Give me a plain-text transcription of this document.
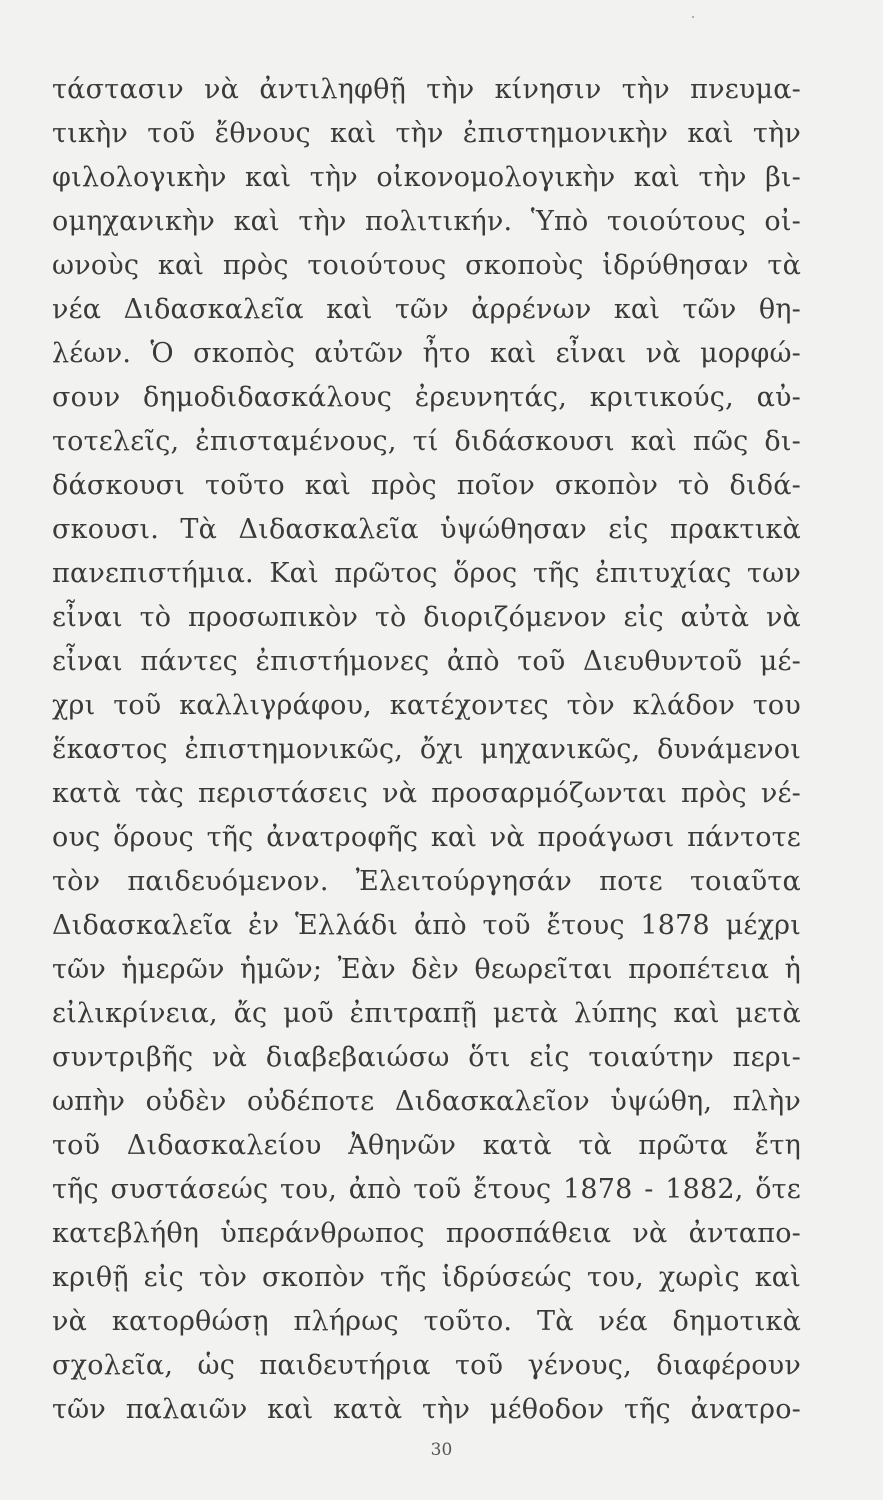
τάστασιν νὰ ἀντιληφθῇ τὴν κίνησιν τὴν πνευμα-
τικὴν τοῦ ἔθνους καὶ τὴν ἐπιστημονικὴν καὶ τὴν
φιλολογικὴν καὶ τὴν οἰκονομολογικὴν καὶ τὴν βι-
ομηχανικὴν καὶ τὴν πολιτικήν. Ὑπὸ τοιούτους οἰ-
ωνοὺς καὶ πρὸς τοιούτους σκοποὺς ἱδρύθησαν τὰ
νέα Διδασκαλεῖα καὶ τῶν ἀρρένων καὶ τῶν θη-
λέων. Ὁ σκοπὸς αὐτῶν ἦτο καὶ εἶναι νὰ μορφώ-
σουν δημοδιδασκάλους ἐρευνητάς, κριτικούς, αὐ-
τοτελεῖς, ἐπισταμένους, τί διδάσκουσι καὶ πῶς δι-
δάσκουσι τοῦτο καὶ πρὸς ποῖον σκοπὸν τὸ διδά-
σκουσι. Τὰ Διδασκαλεῖα ὑψώθησαν εἰς πρακτικὰ
πανεπιστήμια. Καὶ πρῶτος ὅρος τῆς ἐπιτυχίας των
εἶναι τὸ προσωπικὸν τὸ διοριζόμενον εἰς αὐτὰ νὰ
εἶναι πάντες ἐπιστήμονες ἀπὸ τοῦ Διευθυντοῦ μέ-
χρι τοῦ καλλιγράφου, κατέχοντες τὸν κλάδον του
ἕκαστος ἐπιστημονικῶς, ὄχι μηχανικῶς, δυνάμενοι
κατὰ τὰς περιστάσεις νὰ προσαρμόζωνται πρὸς νέ-
ους ὅρους τῆς ἀνατροφῆς καὶ νὰ προάγωσι πάντοτε
τὸν παιδευόμενον. Ἐλειτούργησάν ποτε τοιαῦτα
Διδασκαλεῖα ἐν Ἑλλάδι ἀπὸ τοῦ ἔτους 1878 μέχρι
τῶν ἡμερῶν ἡμῶν; Ἐὰν δὲν θεωρεῖται προπέτεια ἡ
εἰλικρίνεια, ἄς μοῦ ἐπιτραπῇ μετὰ λύπης καὶ μετὰ
συντριβῆς νὰ διαβεβαιώσω ὅτι εἰς τοιαύτην περι-
ωπὴν οὐδὲν οὐδέποτε Διδασκαλεῖον ὑψώθη, πλὴν
τοῦ Διδασκαλείου Ἀθηνῶν κατὰ τὰ πρῶτα ἔτη
τῆς συστάσεώς του, ἀπὸ τοῦ ἔτους 1878 - 1882, ὅτε
κατεβλήθη ὑπεράνθρωπος προσπάθεια νὰ ἀνταπο-
κριθῇ εἰς τὸν σκοπὸν τῆς ἱδρύσεώς του, χωρὶς καὶ
νὰ κατορθώσῃ πλήρως τοῦτο. Τὰ νέα δημοτικὰ
σχολεῖα, ὡς παιδευτήρια τοῦ γένους, διαφέρουν
τῶν παλαιῶν καὶ κατὰ τὴν μέθοδον τῆς ἀνατρο-
30
